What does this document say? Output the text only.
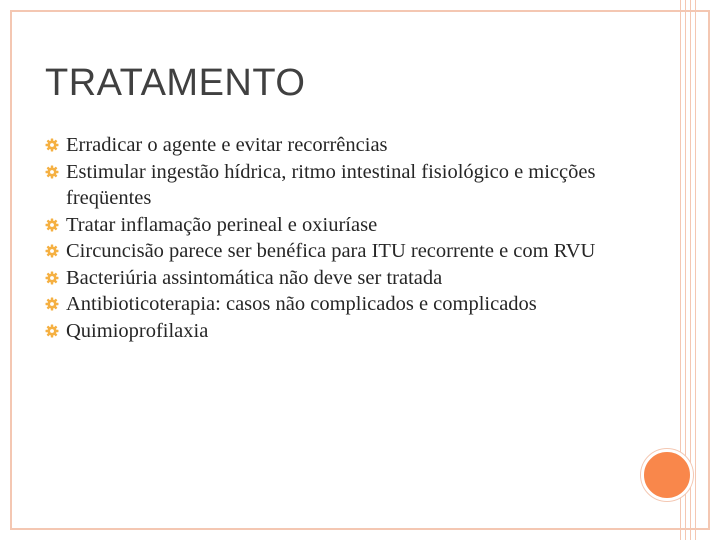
TRATAMENTO
Erradicar o agente e evitar recorrências
Estimular ingestão hídrica, ritmo intestinal fisiológico e micções freqüentes
Tratar inflamação perineal e oxiuríase
Circuncisão parece ser benéfica para ITU recorrente e com RVU
Bacteriúria assintomática não deve ser tratada
Antibioticoterapia: casos não complicados e complicados
Quimioprofilaxia
